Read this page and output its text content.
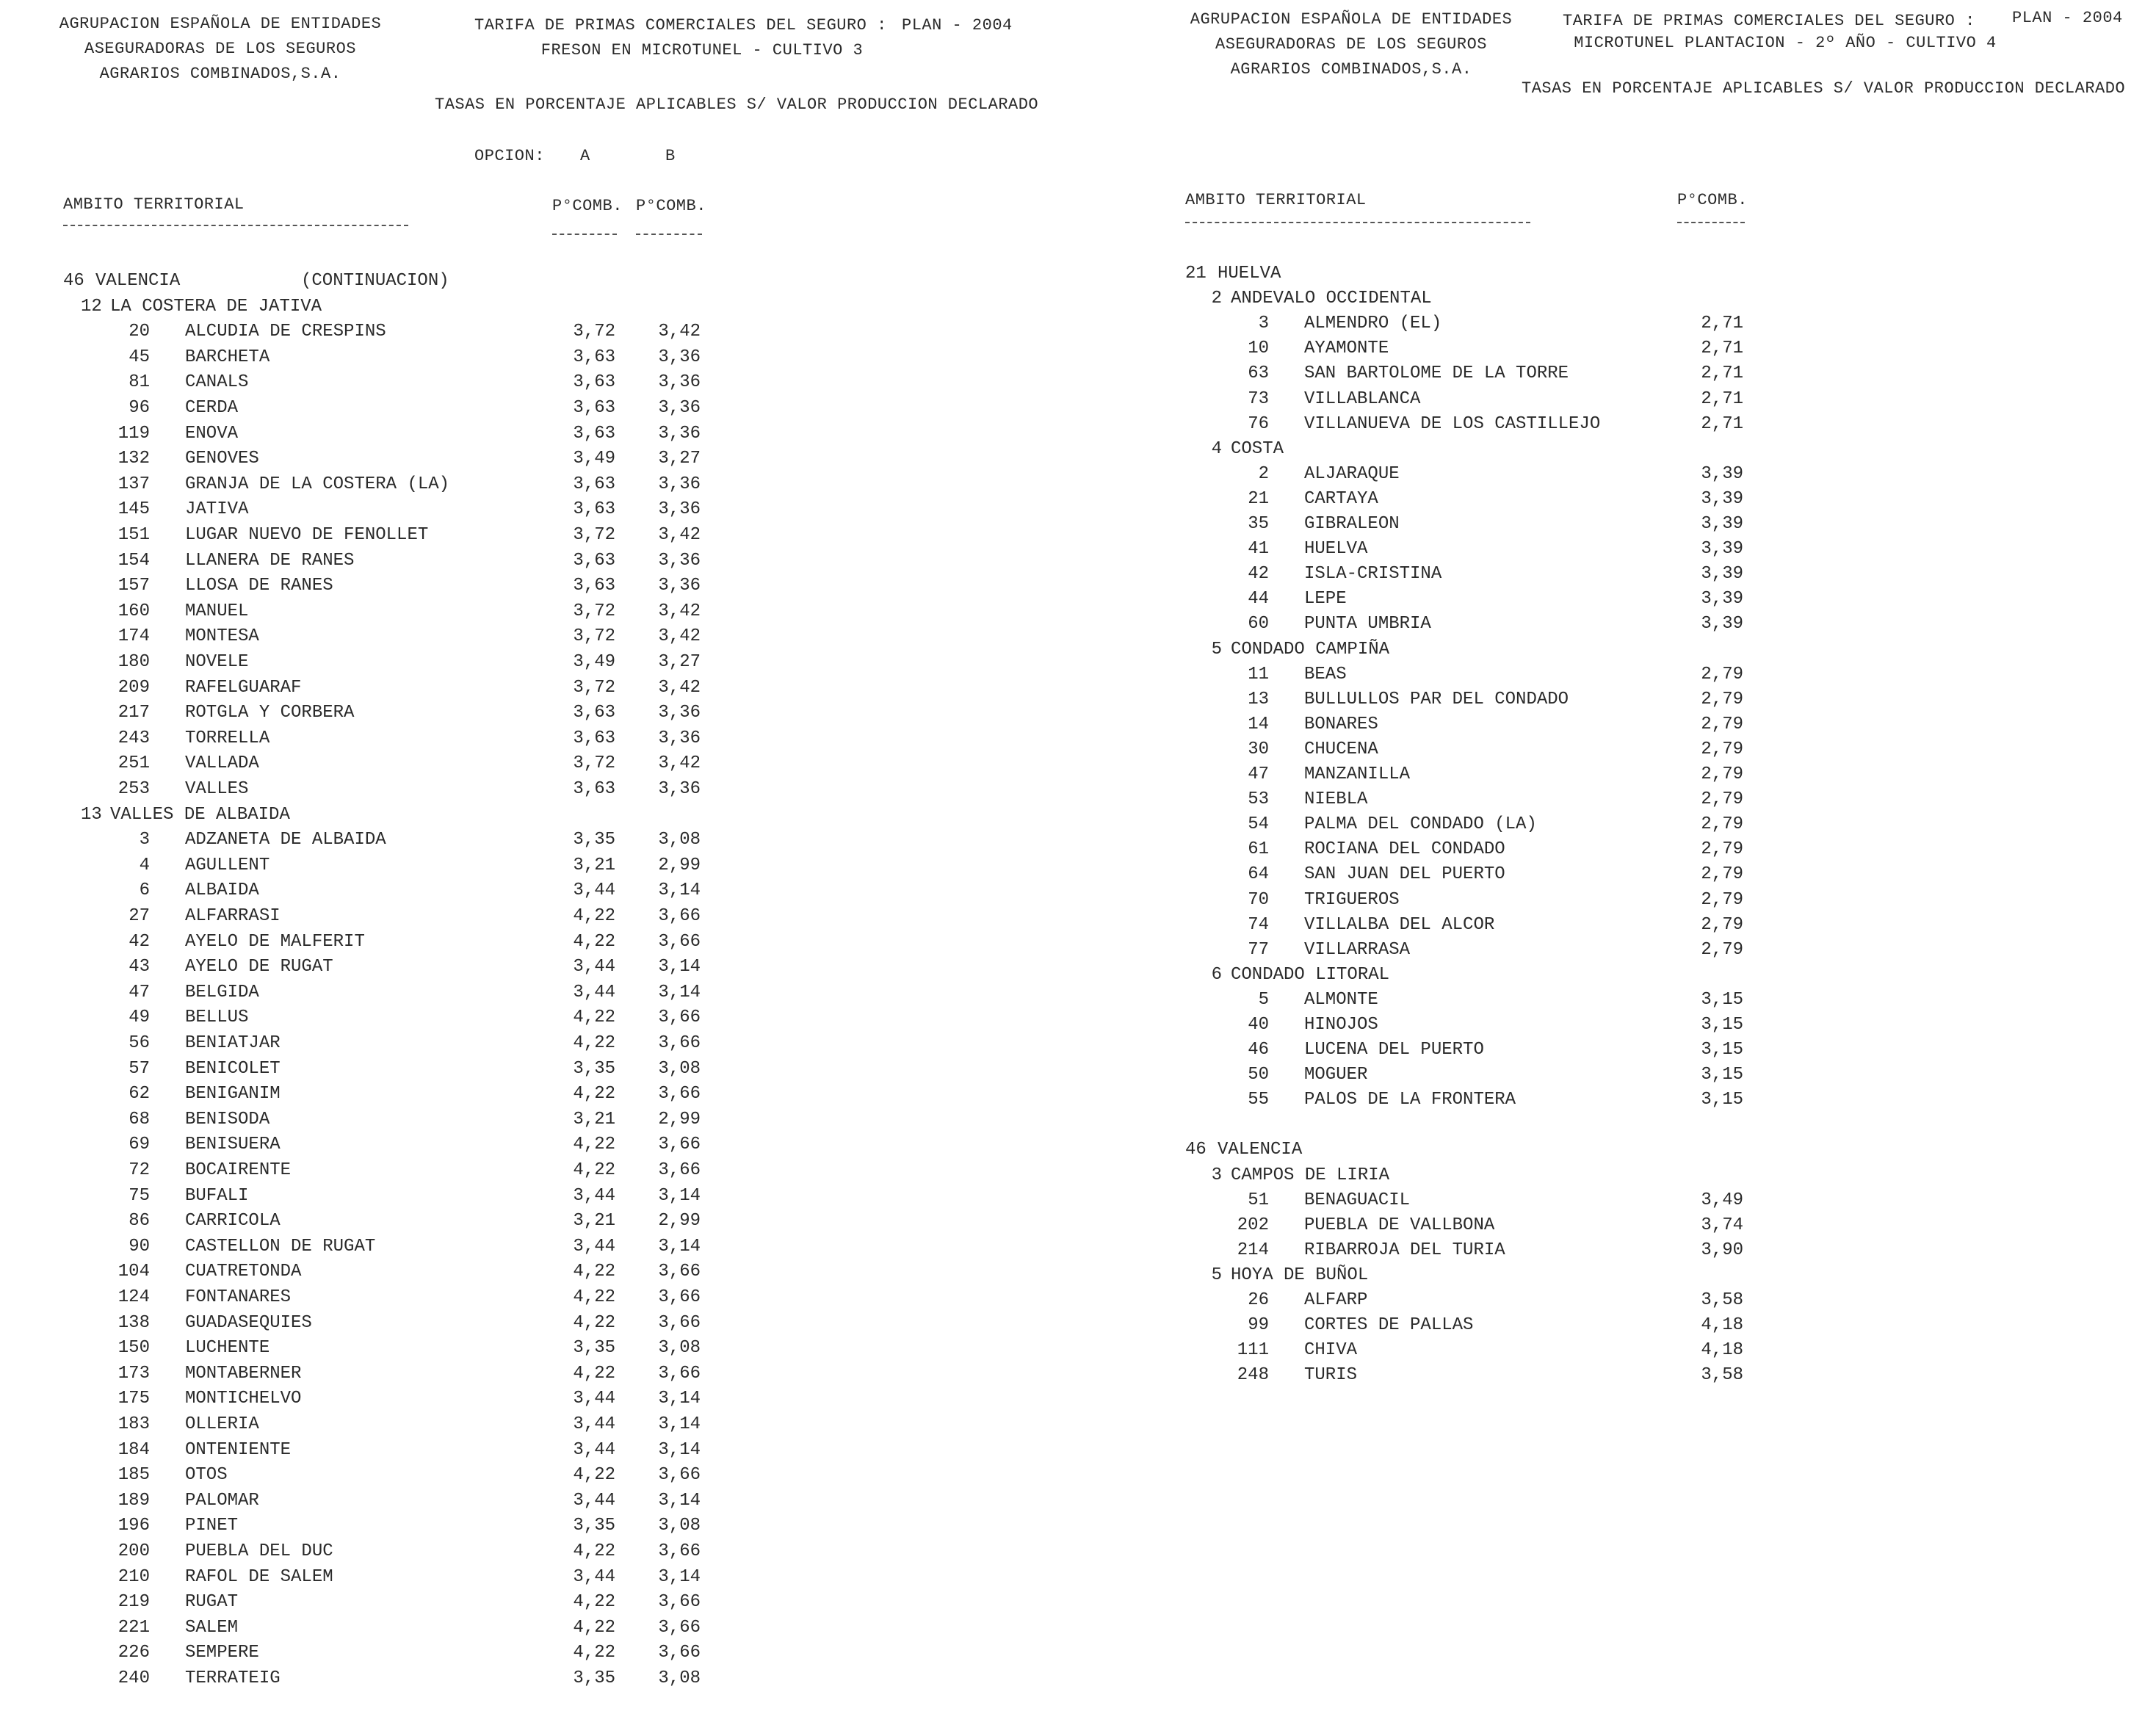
AGRUPACION ESPAÑOLA DE ENTIDADES
ASEGURADORAS DE LOS SEGUROS
AGRARIOS COMBINADOS,S.A.
TARIFA DE PRIMAS COMERCIALES DEL SEGURO : PLAN - 2004
FRESON EN MICROTUNEL - CULTIVO 3
TASAS EN PORCENTAJE APLICABLES S/ VALOR PRODUCCION DECLARADO
OPCION: A	B
AMBITO TERRITORIAL	P°COMB. P°COMB.
46 VALENCIA	(CONTINUACION)
12 LA COSTERA DE JATIVA
20 ALCUDIA DE CRESPINS	3,72	3,42
45 BARCHETA	3,63	3,36
81 CANALS	3,63	3,36
96 CERDA	3,63	3,36
119 ENOVA	3,63	3,36
132 GENOVES	3,49	3,27
137 GRANJA DE LA COSTERA (LA)	3,63	3,36
145 JATIVA	3,63	3,36
151 LUGAR NUEVO DE FENOLLET	3,72	3,42
154 LLANERA DE RANES	3,63	3,36
157 LLOSA DE RANES	3,63	3,36
160 MANUEL	3,72	3,42
174 MONTESA	3,72	3,42
180 NOVELE	3,49	3,27
209 RAFELGUARAF	3,72	3,42
217 ROTGLA Y CORBERA	3,63	3,36
243 TORRELLA	3,63	3,36
251 VALLADA	3,72	3,42
253 VALLES	3,63	3,36
13 VALLES DE ALBAIDA
3 ADZANETA DE ALBAIDA	3,35	3,08
4 AGULLENT	3,21	2,99
6 ALBAIDA	3,44	3,14
27 ALFARRASI	4,22	3,66
42 AYELO DE MALFERIT	4,22	3,66
43 AYELO DE RUGAT	3,44	3,14
47 BELGIDA	3,44	3,14
49 BELLUS	4,22	3,66
56 BENIATJAR	4,22	3,66
57 BENICOLET	3,35	3,08
62 BENIGANIM	4,22	3,66
68 BENISODA	3,21	2,99
69 BENISUERA	4,22	3,66
72 BOCAIRENTE	4,22	3,66
75 BUFALI	3,44	3,14
86 CARRICOLA	3,21	2,99
90 CASTELLON DE RUGAT	3,44	3,14
104 CUATRETONDA	4,22	3,66
124 FONTANARES	4,22	3,66
138 GUADASEQUIES	4,22	3,66
150 LUCHENTE	3,35	3,08
173 MONTABERNER	4,22	3,66
175 MONTICHELVO	3,44	3,14
183 OLLERIA	3,44	3,14
184 ONTENIENTE	3,44	3,14
185 OTOS	4,22	3,66
189 PALOMAR	3,44	3,14
196 PINET	3,35	3,08
200 PUEBLA DEL DUC	4,22	3,66
210 RAFOL DE SALEM	3,44	3,14
219 RUGAT	4,22	3,66
221 SALEM	4,22	3,66
226 SEMPERE	4,22	3,66
240 TERRATEIG	3,35	3,08
AGRUPACION ESPAÑOLA DE ENTIDADES
ASEGURADORAS DE LOS SEGUROS
AGRARIOS COMBINADOS,S.A.
TARIFA DE PRIMAS COMERCIALES DEL SEGURO : PLAN - 2004
MICROTUNEL PLANTACION - 2º AÑO - CULTIVO 4
TASAS EN PORCENTAJE APLICABLES S/ VALOR PRODUCCION DECLARADO
AMBITO TERRITORIAL	P°COMB.
21 HUELVA
2 ANDEVALO OCCIDENTAL
3 ALMENDRO (EL)	2,71
10 AYAMONTE	2,71
63 SAN BARTOLOME DE LA TORRE	2,71
73 VILLABLANCA	2,71
76 VILLANUEVA DE LOS CASTILLEJO	2,71
4 COSTA
2 ALJARAQUE	3,39
21 CARTAYA	3,39
35 GIBRALEON	3,39
41 HUELVA	3,39
42 ISLA-CRISTINA	3,39
44 LEPE	3,39
60 PUNTA UMBRIA	3,39
5 CONDADO CAMPIÑA
11 BEAS	2,79
13 BULLULLOS PAR DEL CONDADO	2,79
14 BONARES	2,79
30 CHUCENA	2,79
47 MANZANILLA	2,79
53 NIEBLA	2,79
54 PALMA DEL CONDADO (LA)	2,79
61 ROCIANA DEL CONDADO	2,79
64 SAN JUAN DEL PUERTO	2,79
70 TRIGUEROS	2,79
74 VILLALBA DEL ALCOR	2,79
77 VILLARRASA	2,79
6 CONDADO LITORAL
5 ALMONTE	3,15
40 HINOJOS	3,15
46 LUCENA DEL PUERTO	3,15
50 MOGUER	3,15
55 PALOS DE LA FRONTERA	3,15
46 VALENCIA
3 CAMPOS DE LIRIA
51 BENAGUACIL	3,49
202 PUEBLA DE VALLBONA	3,74
214 RIBARROJA DEL TURIA	3,90
5 HOYA DE BUÑOL
26 ALFARP	3,58
99 CORTES DE PALLAS	4,18
111 CHIVA	4,18
248 TURIS	3,58
